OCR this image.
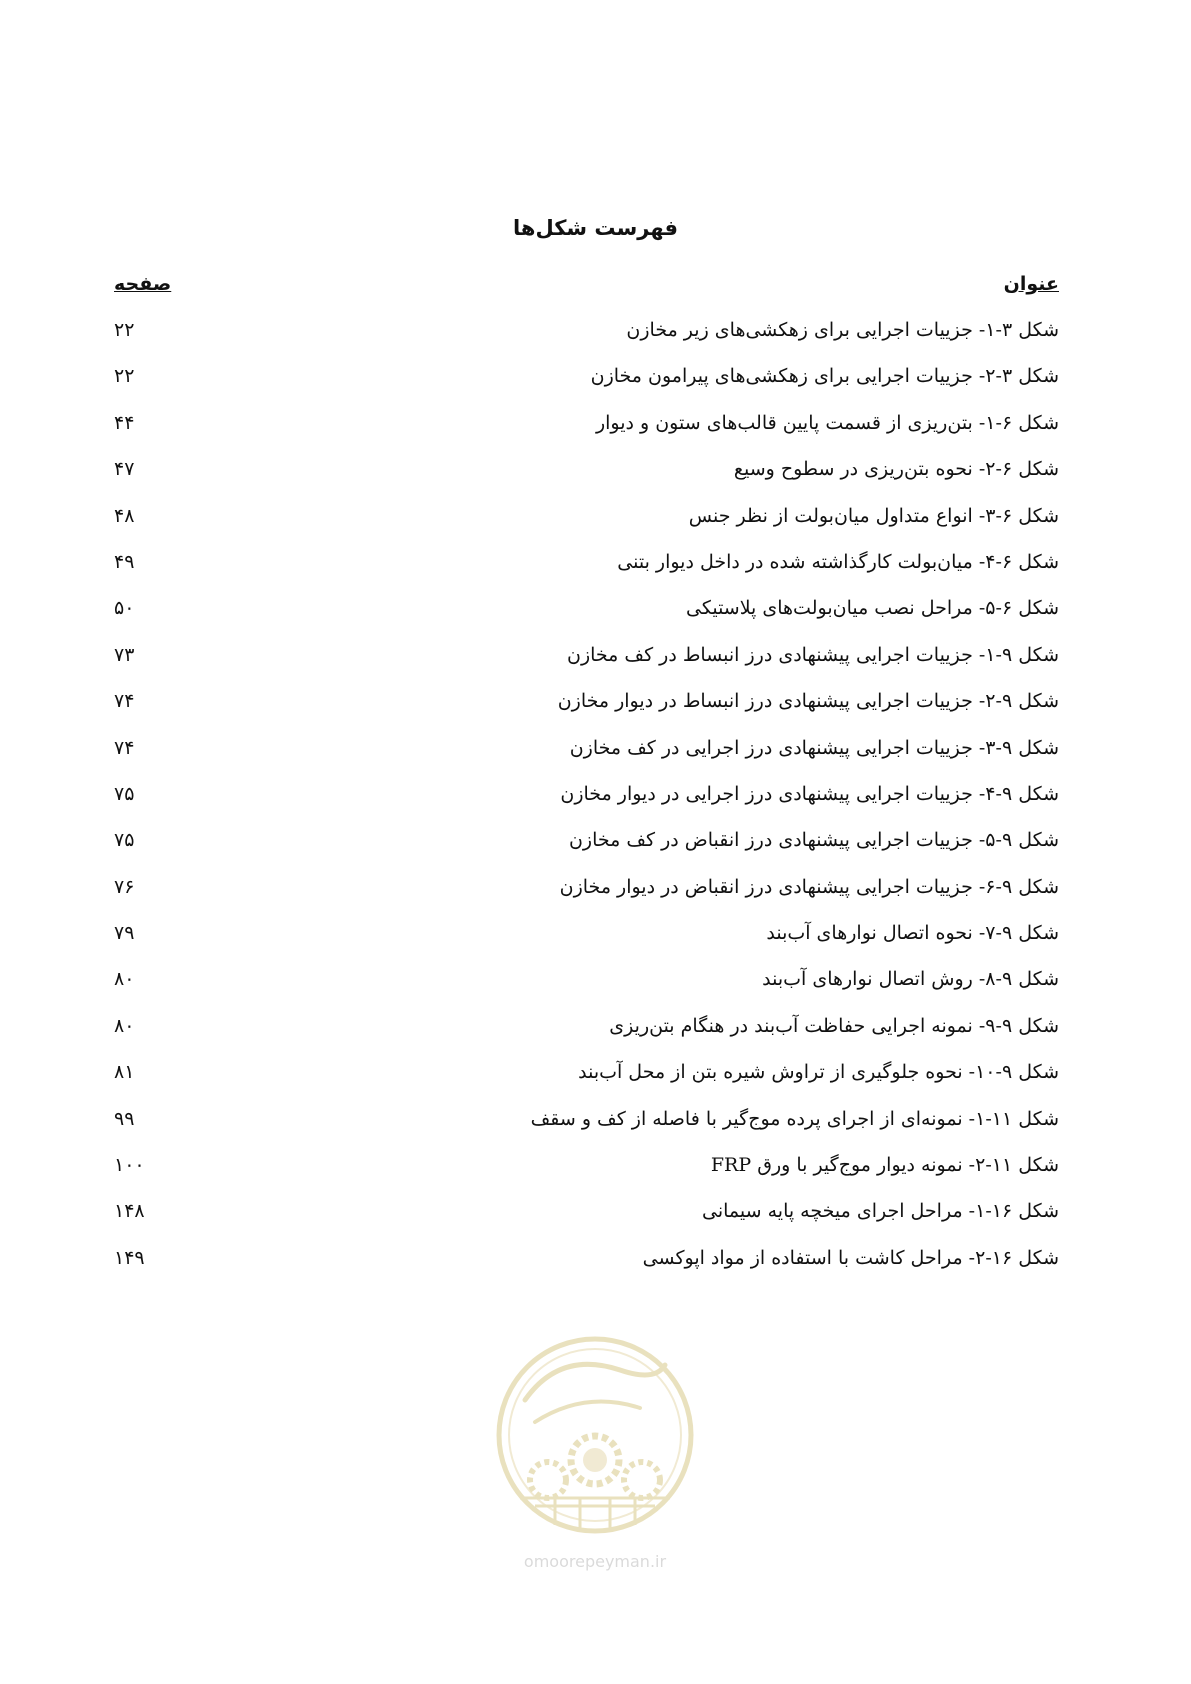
فهرست شکل‌ها
عنوان
صفحه
شکل ۳-۱- جزییات اجرایی برای زهکشی‌های زیر مخازن
۲۲
شکل ۳-۲- جزییات اجرایی برای زهکشی‌های پیرامون مخازن
۲۲
شکل ۶-۱- بتن‌ریزی از قسمت پایین قالب‌های ستون و دیوار
۴۴
شکل ۶-۲- نحوه بتن‌ریزی در سطوح وسیع
۴۷
شکل ۶-۳- انواع متداول میان‌بولت از نظر جنس
۴۸
شکل ۶-۴- میان‌بولت کارگذاشته شده در داخل دیوار بتنی
۴۹
شکل ۶-۵- مراحل نصب میان‌بولت‌های پلاستیکی
۵۰
شکل ۹-۱- جزییات اجرایی پیشنهادی درز انبساط در کف مخازن
۷۳
شکل ۹-۲- جزییات اجرایی پیشنهادی درز انبساط در دیوار مخازن
۷۴
شکل ۹-۳- جزییات اجرایی پیشنهادی درز اجرایی در کف مخازن
۷۴
شکل ۹-۴- جزییات اجرایی پیشنهادی درز اجرایی در دیوار مخازن
۷۵
شکل ۹-۵- جزییات اجرایی پیشنهادی درز انقباض در کف مخازن
۷۵
شکل ۹-۶- جزییات اجرایی پیشنهادی درز انقباض در دیوار مخازن
۷۶
شکل ۹-۷- نحوه اتصال نوارهای آب‌بند
۷۹
شکل ۹-۸- روش اتصال نوارهای آب‌بند
۸۰
شکل ۹-۹- نمونه اجرایی حفاظت آب‌بند در هنگام بتن‌ریزی
۸۰
شکل ۹-۱۰- نحوه جلوگیری از تراوش شیره بتن از محل آب‌بند
۸۱
شکل ۱۱-۱- نمونه‌ای از اجرای پرده موج‌گیر با فاصله از کف و سقف
۹۹
شکل ۱۱-۲- نمونه دیوار موج‌گیر با ورق FRP
۱۰۰
شکل ۱۶-۱- مراحل اجرای میخچه پایه سیمانی
۱۴۸
شکل ۱۶-۲- مراحل کاشت با استفاده از مواد اپوکسی
۱۴۹
omoorepeyman.ir
